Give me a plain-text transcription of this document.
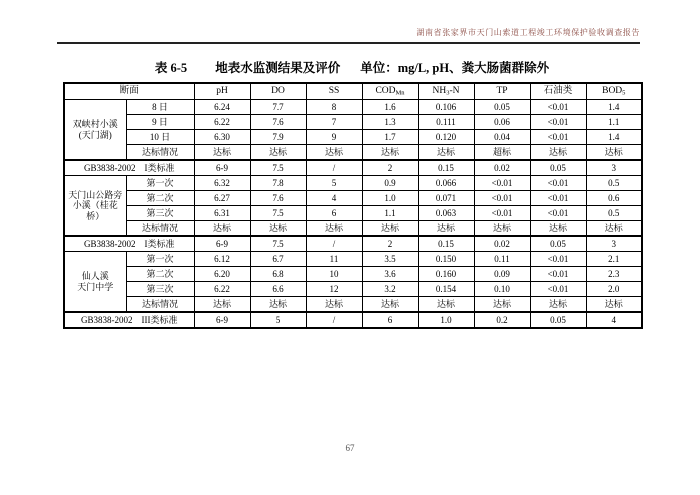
湖南省张家界市天门山索道工程竣工环境保护验收调查报告
表 6-5 地表水监测结果及评价 单位：mg/L, pH、粪大肠菌群除外
断面		pH	DO	SS	$COD_{Mn}$	$NH_3-N$	TP	石油类	$BOD_5$
双峡村小溪
(天门湖)	8 日	6.24	7.7	8	1.6	0.106	0.05	<0.01	1.4
	9 日	6.22	7.6	7	1.3	0.111	0.06	<0.01	1.1
	10 日	6.30	7.9	9	1.7	0.120	0.04	<0.01	1.4
	达标情况	达标	达标	达标	达标	达标	超标	达标	达标
GB3838-2002　I类标准		6-9	7.5	/	2	0.15	0.02	0.05	3
天门山公路旁
小溪（桂花桥）	第一次	6.32	7.8	5	0.9	0.066	<0.01	<0.01	0.5
	第二次	6.27	7.6	4	1.0	0.071	<0.01	<0.01	0.6
	第三次	6.31	7.5	6	1.1	0.063	<0.01	<0.01	0.5
	达标情况	达标	达标	达标	达标	达标	达标	达标	达标
GB3838-2002　I类标准		6-9	7.5	/	2	0.15	0.02	0.05	3
仙人溪
天门中学	第一次	6.12	6.7	11	3.5	0.150	0.11	<0.01	2.1
	第二次	6.20	6.8	10	3.6	0.160	0.09	<0.01	2.3
	第三次	6.22	6.6	12	3.2	0.154	0.10	<0.01	2.0
	达标情况	达标	达标	达标	达标	达标	达标	达标	达标
GB3838-2002　III类标准		6-9	5	/	6	1.0	0.2	0.05	4
67
